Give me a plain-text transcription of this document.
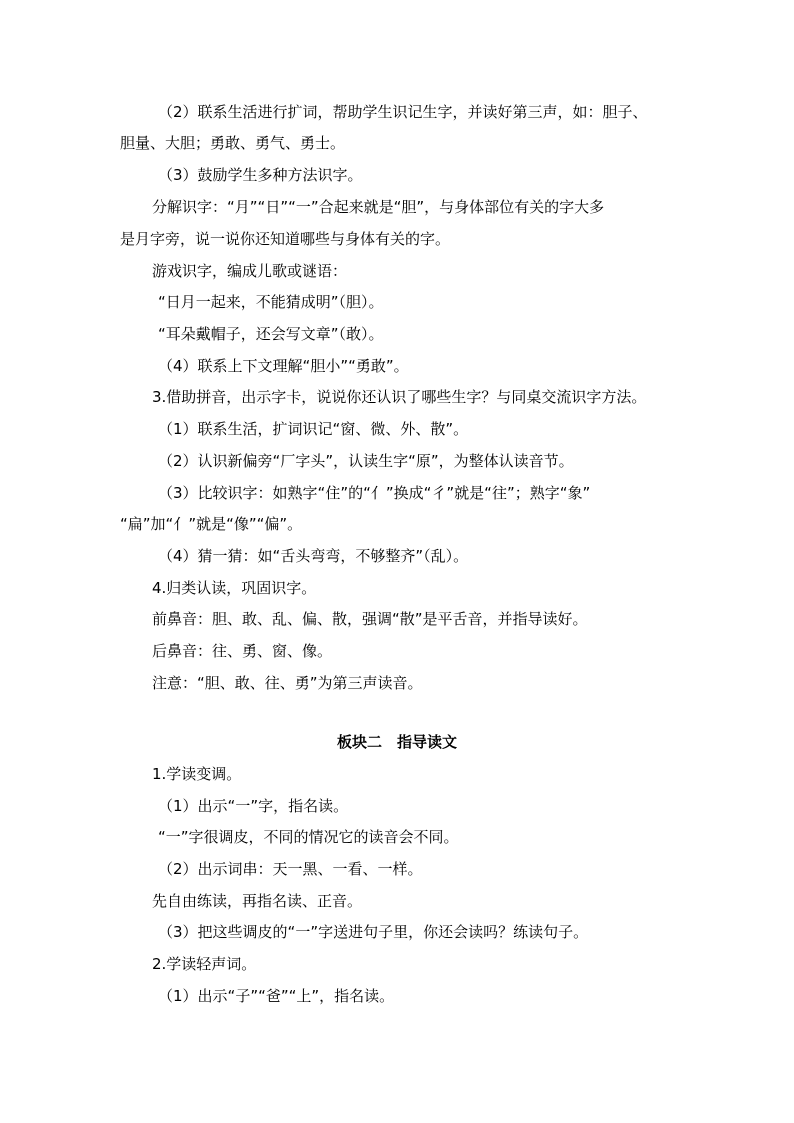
（2）联系生活进行扩词，帮助学生识记生字，并读好第三声，如：胆子、
胆量、大胆；勇敢、勇气、勇士。
（3）鼓励学生多种方法识字。
分解识字：“月”“日”“一”合起来就是“胆”，与身体部位有关的字大多
是月字旁，说一说你还知道哪些与身体有关的字。
游戏识字，编成儿歌或谜语：
“日月一起来，不能猜成明”（胆）。
“耳朵戴帽子，还会写文章”（敢）。
（4）联系上下文理解“胆小”“勇敢”。
3.借助拼音，出示字卡，说说你还认识了哪些生字？与同桌交流识字方法。
（1）联系生活，扩词识记“窗、微、外、散”。
（2）认识新偏旁“厂字头”，认读生字“原”，为整体认读音节。
（3）比较识字：如熟字“住”的“亻”换成“彳”就是“往”；熟字“象”
“扁”加“亻”就是“像”“偏”。
（4）猜一猜：如“舌头弯弯，不够整齐”（乱）。
4.归类认读，巩固识字。
前鼻音：胆、敢、乱、偏、散，强调“散”是平舌音，并指导读好。
后鼻音：往、勇、窗、像。
注意：“胆、敢、往、勇”为第三声读音。
板块二　指导读文
1.学读变调。
（1）出示“一”字，指名读。
“一”字很调皮，不同的情况它的读音会不同。
（2）出示词串：天一黑、一看、一样。
先自由练读，再指名读、正音。
（3）把这些调皮的“一”字送进句子里，你还会读吗？练读句子。
2.学读轻声词。
（1）出示“子”“爸”“上”，指名读。
